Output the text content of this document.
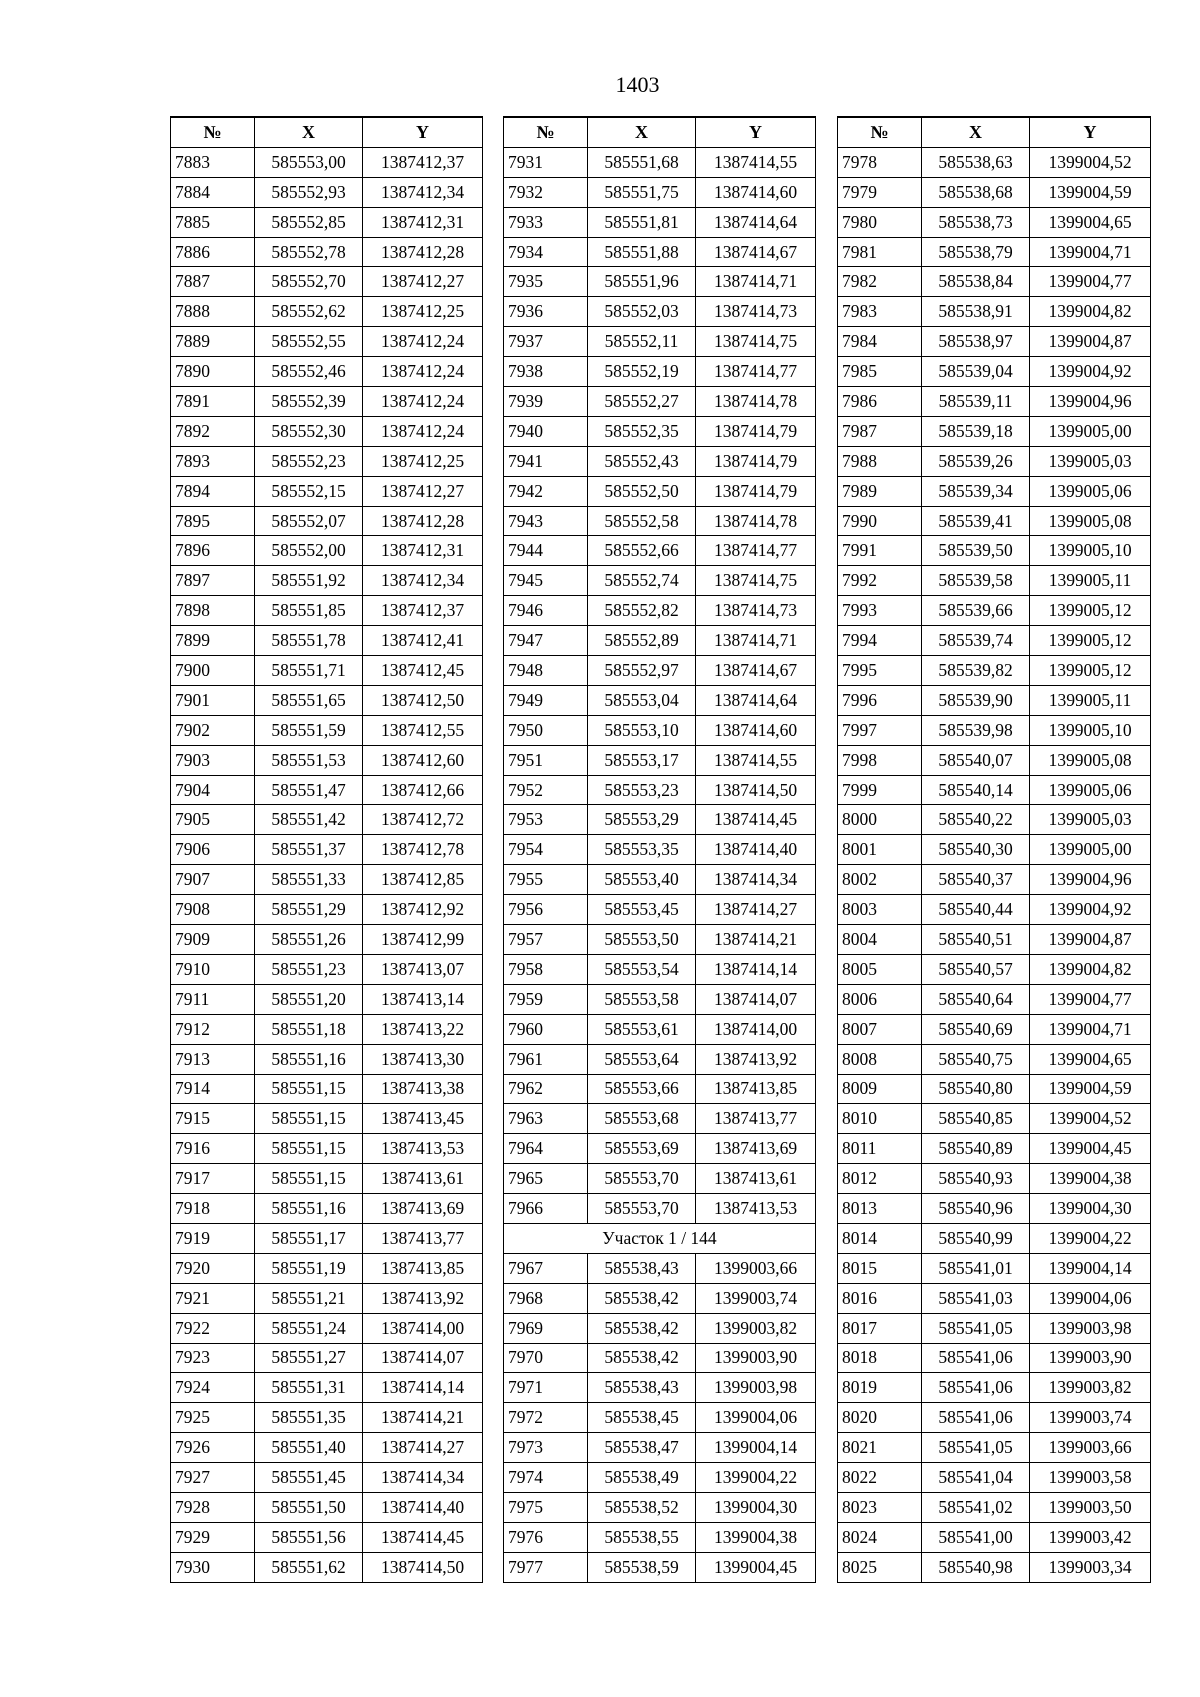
1403
№	X	Y
7883	585553,00	1387412,37
7884	585552,93	1387412,34
7885	585552,85	1387412,31
7886	585552,78	1387412,28
7887	585552,70	1387412,27
7888	585552,62	1387412,25
7889	585552,55	1387412,24
7890	585552,46	1387412,24
7891	585552,39	1387412,24
7892	585552,30	1387412,24
7893	585552,23	1387412,25
7894	585552,15	1387412,27
7895	585552,07	1387412,28
7896	585552,00	1387412,31
7897	585551,92	1387412,34
7898	585551,85	1387412,37
7899	585551,78	1387412,41
7900	585551,71	1387412,45
7901	585551,65	1387412,50
7902	585551,59	1387412,55
7903	585551,53	1387412,60
7904	585551,47	1387412,66
7905	585551,42	1387412,72
7906	585551,37	1387412,78
7907	585551,33	1387412,85
7908	585551,29	1387412,92
7909	585551,26	1387412,99
7910	585551,23	1387413,07
7911	585551,20	1387413,14
7912	585551,18	1387413,22
7913	585551,16	1387413,30
7914	585551,15	1387413,38
7915	585551,15	1387413,45
7916	585551,15	1387413,53
7917	585551,15	1387413,61
7918	585551,16	1387413,69
7919	585551,17	1387413,77
7920	585551,19	1387413,85
7921	585551,21	1387413,92
7922	585551,24	1387414,00
7923	585551,27	1387414,07
7924	585551,31	1387414,14
7925	585551,35	1387414,21
7926	585551,40	1387414,27
7927	585551,45	1387414,34
7928	585551,50	1387414,40
7929	585551,56	1387414,45
7930	585551,62	1387414,50
№	X	Y
7931	585551,68	1387414,55
7932	585551,75	1387414,60
7933	585551,81	1387414,64
7934	585551,88	1387414,67
7935	585551,96	1387414,71
7936	585552,03	1387414,73
7937	585552,11	1387414,75
7938	585552,19	1387414,77
7939	585552,27	1387414,78
7940	585552,35	1387414,79
7941	585552,43	1387414,79
7942	585552,50	1387414,79
7943	585552,58	1387414,78
7944	585552,66	1387414,77
7945	585552,74	1387414,75
7946	585552,82	1387414,73
7947	585552,89	1387414,71
7948	585552,97	1387414,67
7949	585553,04	1387414,64
7950	585553,10	1387414,60
7951	585553,17	1387414,55
7952	585553,23	1387414,50
7953	585553,29	1387414,45
7954	585553,35	1387414,40
7955	585553,40	1387414,34
7956	585553,45	1387414,27
7957	585553,50	1387414,21
7958	585553,54	1387414,14
7959	585553,58	1387414,07
7960	585553,61	1387414,00
7961	585553,64	1387413,92
7962	585553,66	1387413,85
7963	585553,68	1387413,77
7964	585553,69	1387413,69
7965	585553,70	1387413,61
7966	585553,70	1387413,53
Участок 1 / 144		
7967	585538,43	1399003,66
7968	585538,42	1399003,74
7969	585538,42	1399003,82
7970	585538,42	1399003,90
7971	585538,43	1399003,98
7972	585538,45	1399004,06
7973	585538,47	1399004,14
7974	585538,49	1399004,22
7975	585538,52	1399004,30
7976	585538,55	1399004,38
7977	585538,59	1399004,45
№	X	Y
7978	585538,63	1399004,52
7979	585538,68	1399004,59
7980	585538,73	1399004,65
7981	585538,79	1399004,71
7982	585538,84	1399004,77
7983	585538,91	1399004,82
7984	585538,97	1399004,87
7985	585539,04	1399004,92
7986	585539,11	1399004,96
7987	585539,18	1399005,00
7988	585539,26	1399005,03
7989	585539,34	1399005,06
7990	585539,41	1399005,08
7991	585539,50	1399005,10
7992	585539,58	1399005,11
7993	585539,66	1399005,12
7994	585539,74	1399005,12
7995	585539,82	1399005,12
7996	585539,90	1399005,11
7997	585539,98	1399005,10
7998	585540,07	1399005,08
7999	585540,14	1399005,06
8000	585540,22	1399005,03
8001	585540,30	1399005,00
8002	585540,37	1399004,96
8003	585540,44	1399004,92
8004	585540,51	1399004,87
8005	585540,57	1399004,82
8006	585540,64	1399004,77
8007	585540,69	1399004,71
8008	585540,75	1399004,65
8009	585540,80	1399004,59
8010	585540,85	1399004,52
8011	585540,89	1399004,45
8012	585540,93	1399004,38
8013	585540,96	1399004,30
8014	585540,99	1399004,22
8015	585541,01	1399004,14
8016	585541,03	1399004,06
8017	585541,05	1399003,98
8018	585541,06	1399003,90
8019	585541,06	1399003,82
8020	585541,06	1399003,74
8021	585541,05	1399003,66
8022	585541,04	1399003,58
8023	585541,02	1399003,50
8024	585541,00	1399003,42
8025	585540,98	1399003,34
